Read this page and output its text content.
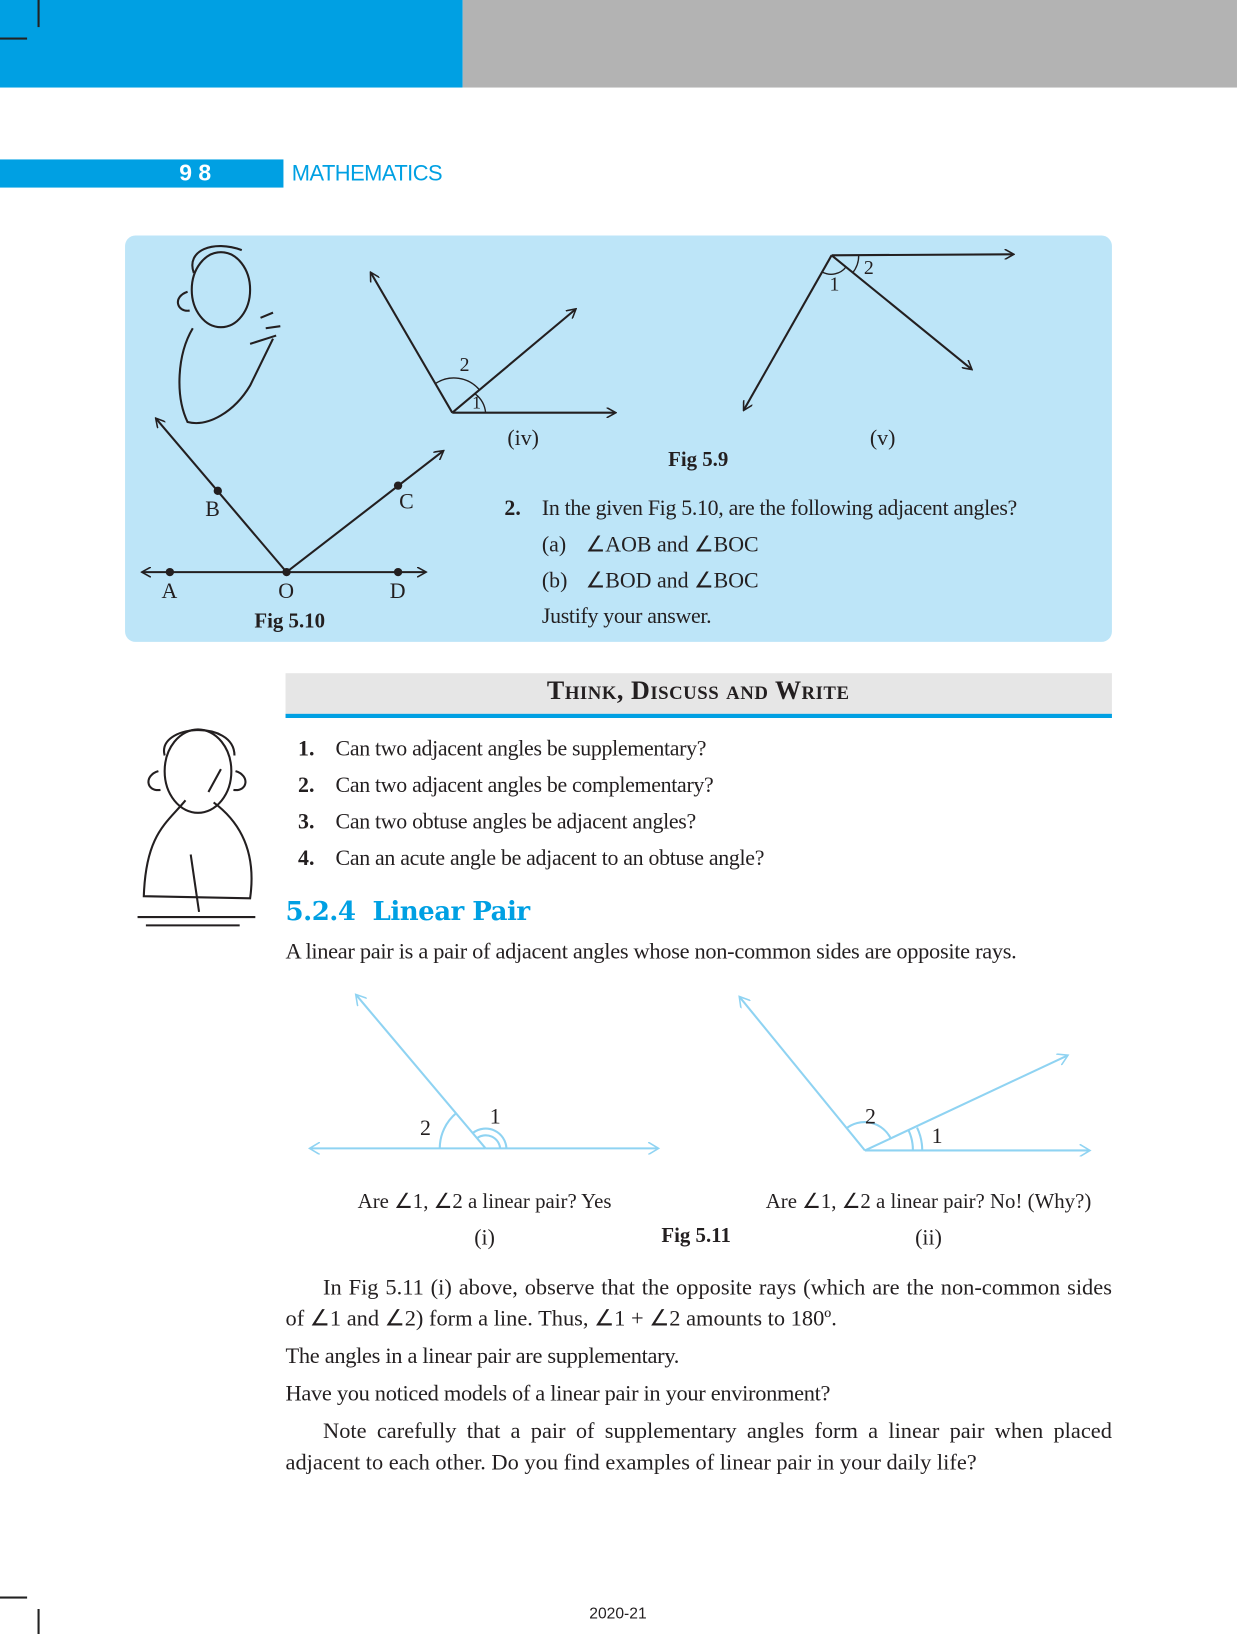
9 8	MATHEMATICS
Think, Discuss and Write
2
1
(iv)
1
2
(v)
Fig 5.9
B	C
A	O	D
Fig 5.10
2. In the given Fig 5.10, are the following adjacent angles?
(a) ∠AOB and ∠BOC
(b) ∠BOD and ∠BOC
Justify your answer.
1. Can two adjacent angles be supplementary?
2. Can two adjacent angles be complementary?
3. Can two obtuse angles be adjacent angles?
4. Can an acute angle be adjacent to an obtuse angle?
5.2.4  Linear Pair
A linear pair is a pair of adjacent angles whose non-common sides are opposite rays.
2	1	2
1
Are ∠1, ∠2 a linear pair? Yes	Are ∠1, ∠2 a linear pair? No! (Why?)
(i)	Fig 5.11	(ii)

In Fig 5.11 (i) above, observe that the opposite rays (which are the non-common sides of ∠1 and ∠2) form a line. Thus, ∠1 + ∠2 amounts to 180º.

The angles in a linear pair are supplementary.

Have you noticed models of a linear pair in your environment?

Note carefully that a pair of supplementary angles form a linear pair when placed adjacent to each other. Do you find examples of linear pair in your daily life?

2020-21
